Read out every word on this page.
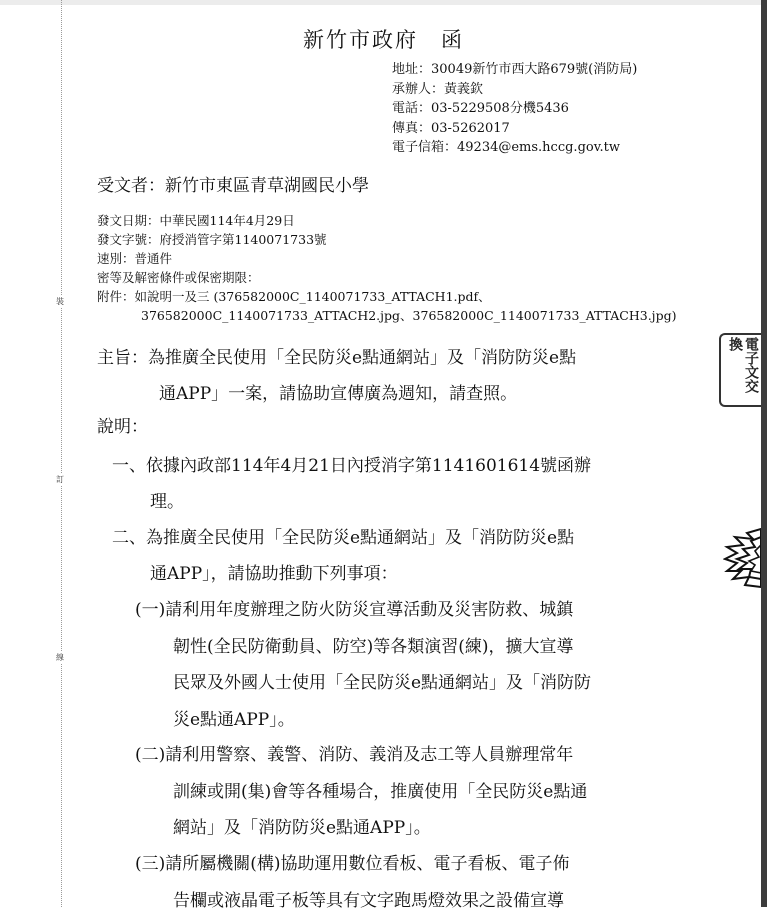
裝
訂
線
新竹市政府　函
地址：30049新竹市西大路679號(消防局)
承辦人：黃義欽
電話：03-5229508分機5436
傳真：03-5262017
電子信箱：49234@ems.hccg.gov.tw
受文者：新竹市東區青草湖國民小學
發文日期：中華民國114年4月29日
發文字號：府授消管字第1140071733號
速別：普通件
密等及解密條件或保密期限：
附件：如說明一及三 (376582000C_1140071733_ATTACH1.pdf、
376582000C_1140071733_ATTACH2.jpg、376582000C_1140071733_ATTACH3.jpg)
主旨：為推廣全民使用「全民防災e點通網站」及「消防防災e點
通APP」一案，請協助宣傳廣為週知，請查照。
說明：
一、依據內政部114年4月21日內授消字第1141601614號函辦
理。
二、為推廣全民使用「全民防災e點通網站」及「消防防災e點
通APP」，請協助推動下列事項：
(一)請利用年度辦理之防火防災宣導活動及災害防救、城鎮
韌性(全民防衛動員、防空)等各類演習(練)，擴大宣導
民眾及外國人士使用「全民防災e點通網站」及「消防防
災e點通APP」。
(二)請利用警察、義警、消防、義消及志工等人員辦理常年
訓練或開(集)會等各種場合，推廣使用「全民防災e點通
網站」及「消防防災e點通APP」。
(三)請所屬機關(構)協助運用數位看板、電子看板、電子佈
告欄或液晶電子板等具有文字跑馬燈效果之設備宣導
電子文交換
